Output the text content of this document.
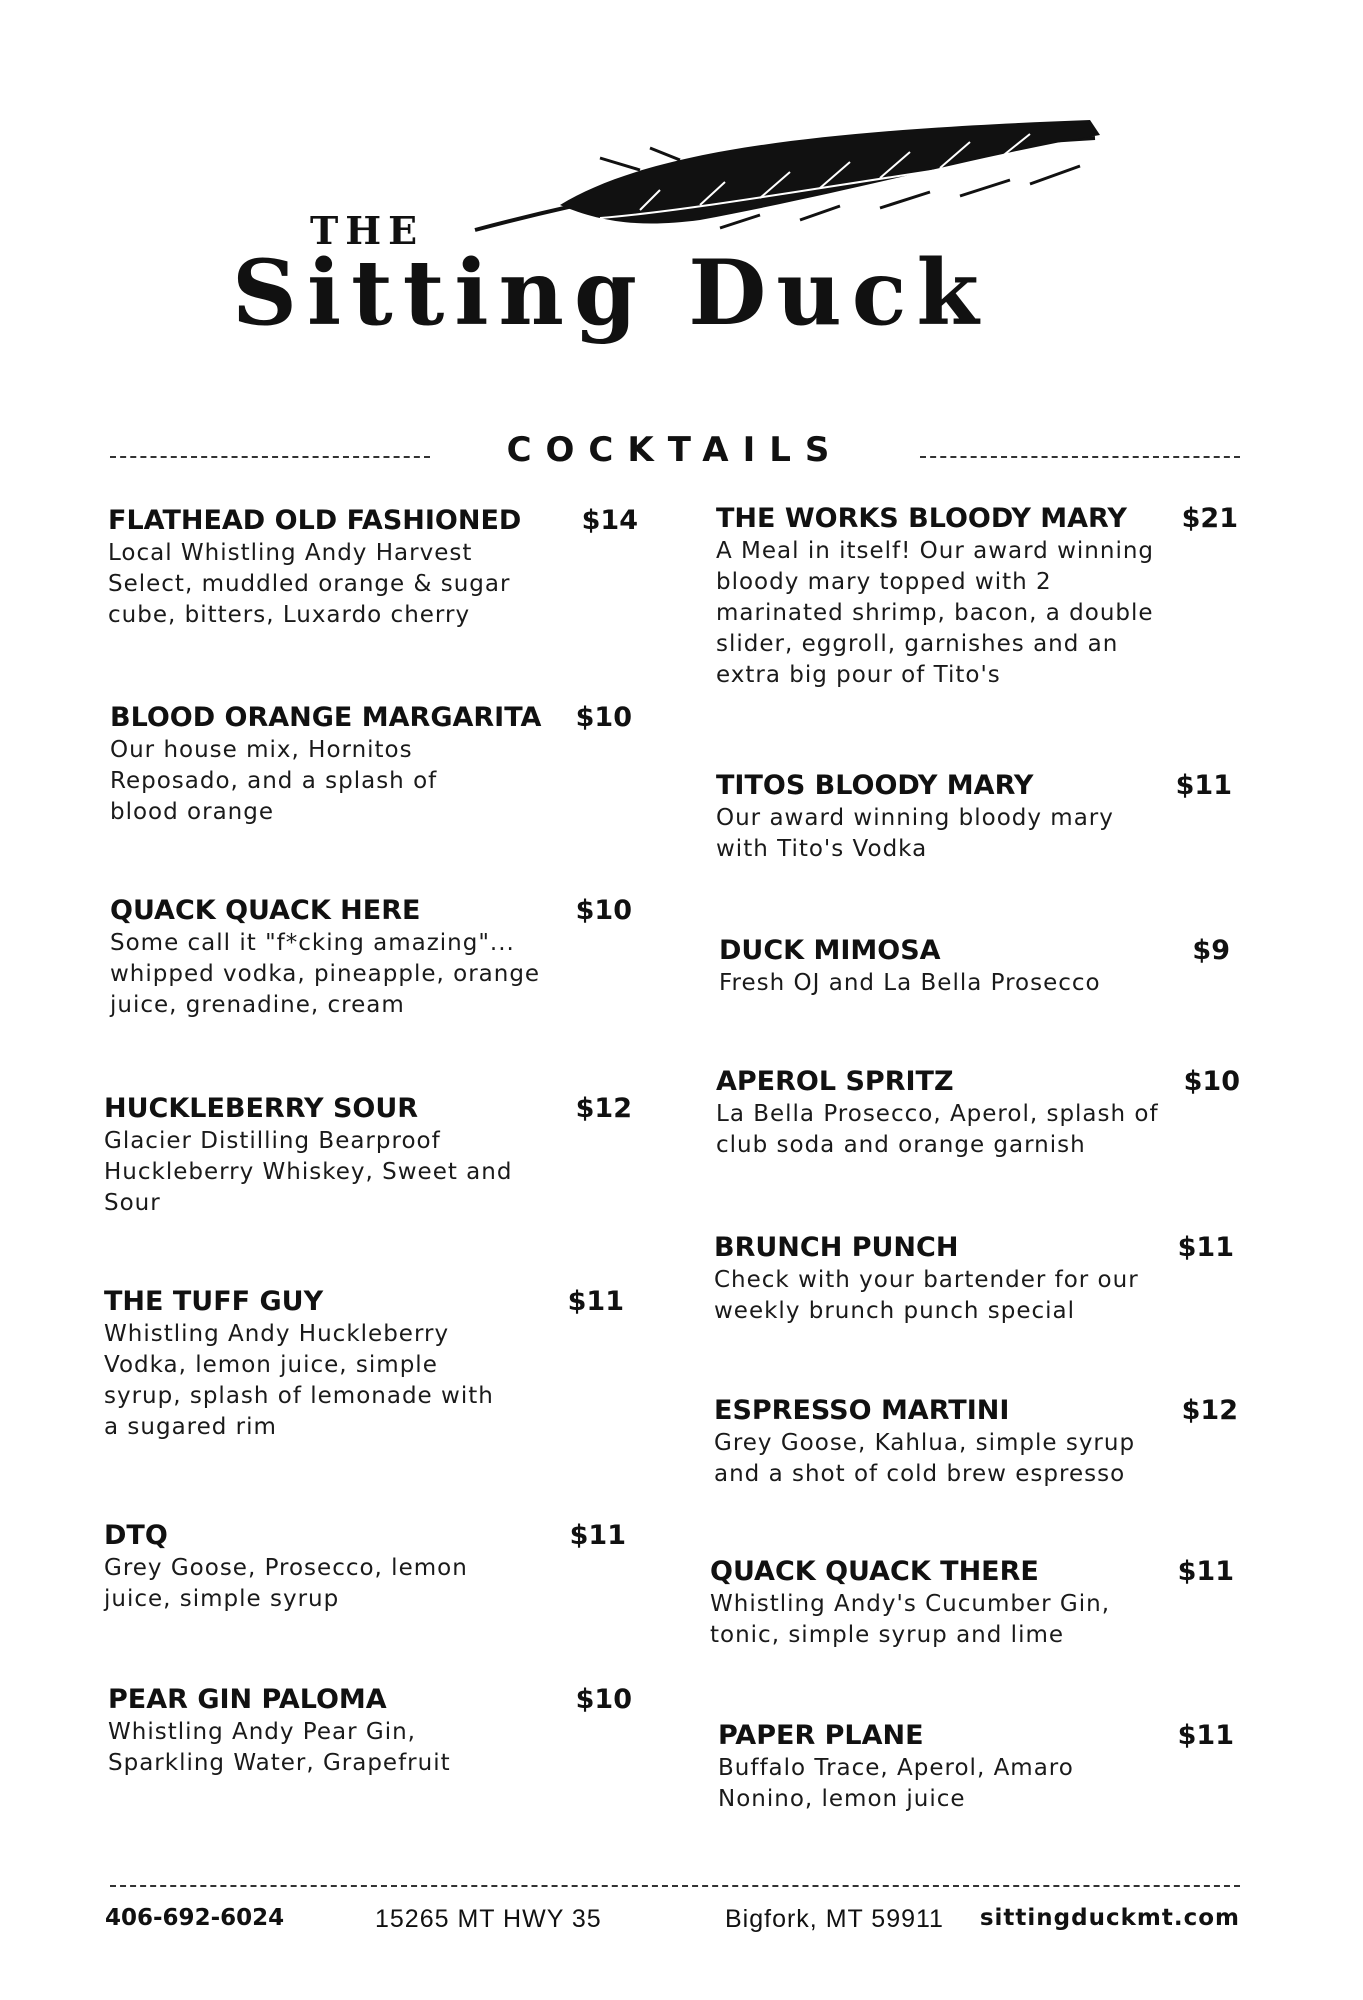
THE
Sitting Duck
COCKTAILS
FLATHEAD OLD FASHIONED $14
Local Whistling Andy Harvest Select, muddled orange & sugar cube, bitters, Luxardo cherry
BLOOD ORANGE MARGARITA $10
Our house mix, Hornitos Reposado, and a splash of blood orange
QUACK QUACK HERE	$10
Some call it "f*cking amazing"... whipped vodka, pineapple, orange juice, grenadine, cream
HUCKLEBERRY SOUR	$12
Glacier Distilling Bearproof Huckleberry Whiskey, Sweet and Sour
THE TUFF GUY	$11
Whistling Andy Huckleberry Vodka, lemon juice, simple syrup, splash of lemonade with a sugared rim
DTQ	$11
Grey Goose, Prosecco, lemon juice, simple syrup
PEAR GIN PALOMA	$10
Whistling Andy Pear Gin, Sparkling Water, Grapefruit
THE WORKS BLOODY MARY $21
A Meal in itself! Our award winning bloody mary topped with 2 marinated shrimp, bacon, a double slider, eggroll, garnishes and an extra big pour of Tito's
TITOS BLOODY MARY	$11
Our award winning bloody mary with Tito's Vodka
DUCK MIMOSA	$9
Fresh OJ and La Bella Prosecco
APEROL SPRITZ	$10
La Bella Prosecco, Aperol, splash of club soda and orange garnish
BRUNCH PUNCH	$11
Check with your bartender for our weekly brunch punch special
ESPRESSO MARTINI	$12
Grey Goose, Kahlua, simple syrup and a shot of cold brew espresso
QUACK QUACK THERE	$11
Whistling Andy's Cucumber Gin, tonic, simple syrup and lime
PAPER PLANE	$11
Buffalo Trace, Aperol, Amaro Nonino, lemon juice
406-692-6024	15265 MT HWY 35	Bigfork, MT 59911 sittingduckmt.com
